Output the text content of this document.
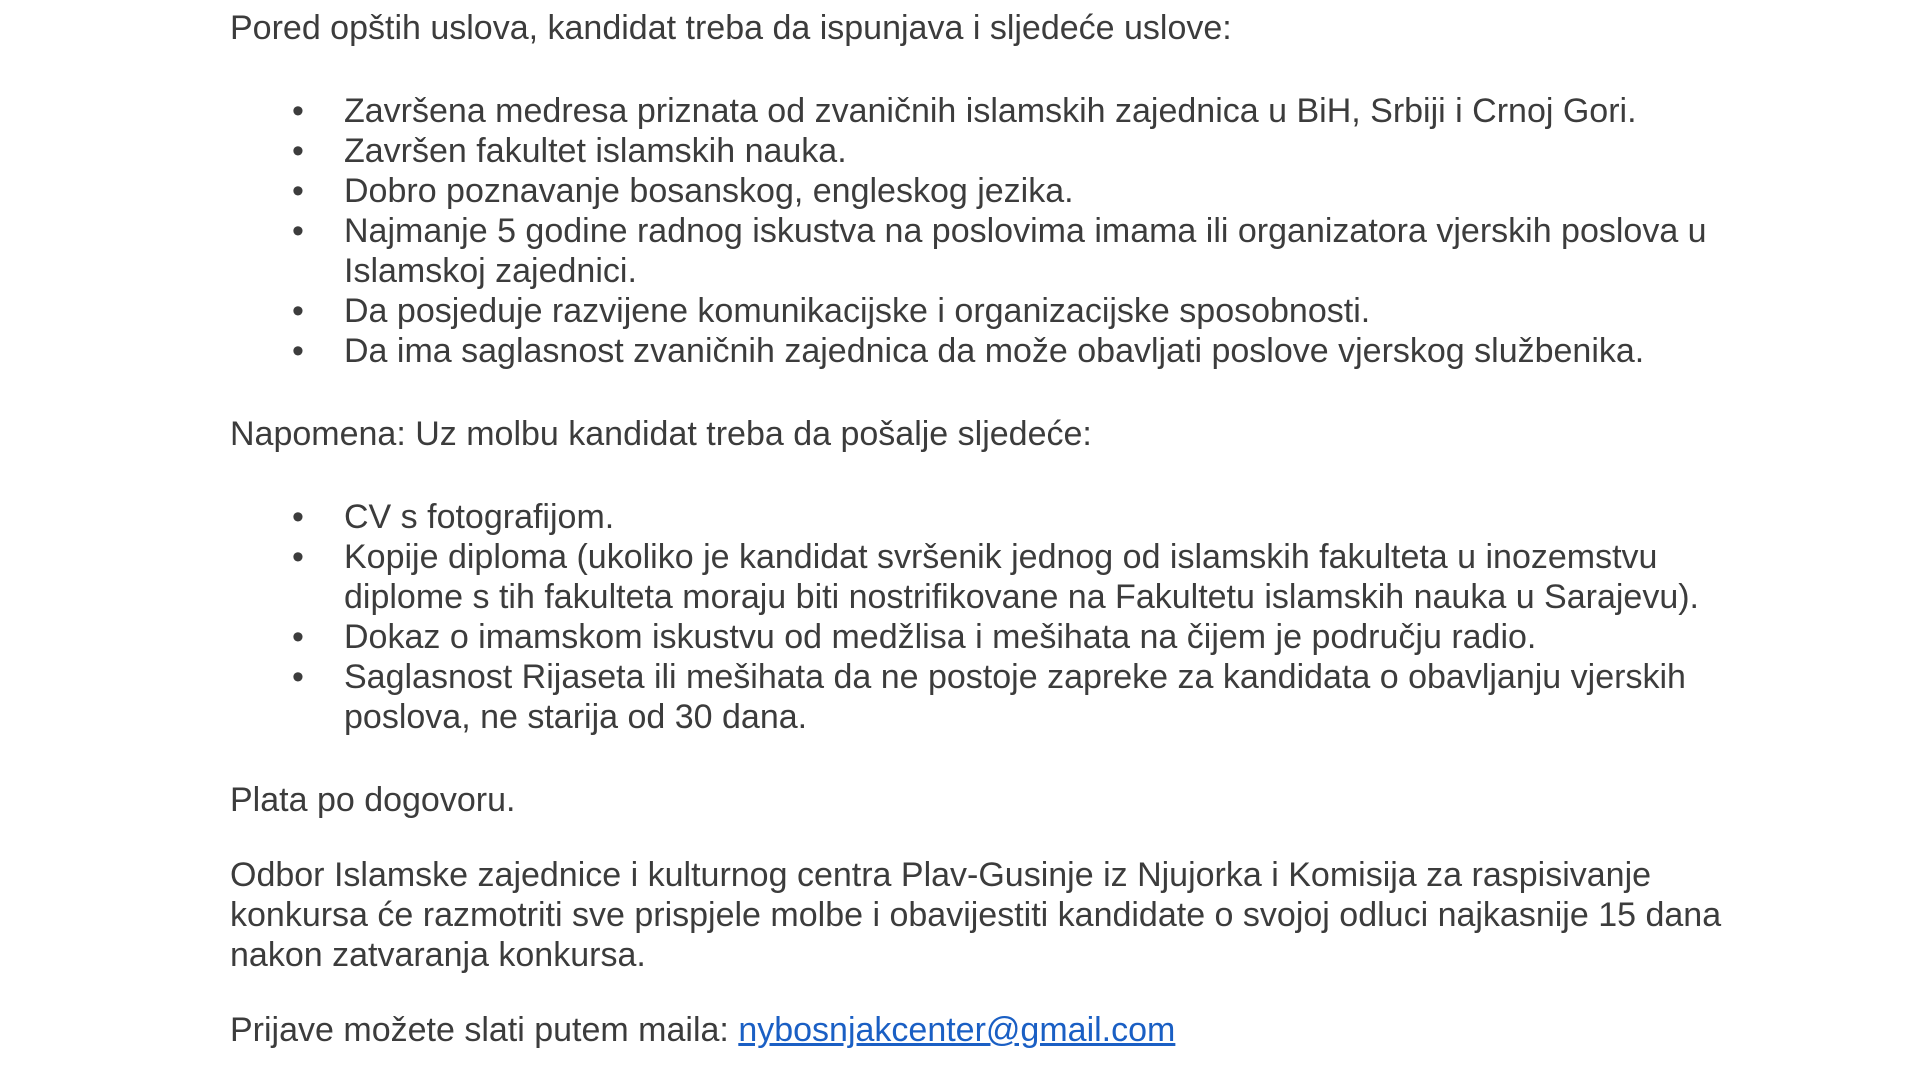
Pored opštih uslova, kandidat treba da ispunjava i sljedeće uslove:

• Završena medresa priznata od zvaničnih islamskih zajednica u BiH, Srbiji i Crnoj Gori.
• Završen fakultet islamskih nauka.
• Dobro poznavanje bosanskog, engleskog jezika.
• Najmanje 5 godine radnog iskustva na poslovima imama ili organizatora vjerskih poslova u Islamskoj zajednici.
• Da posjeduje razvijene komunikacijske i organizacijske sposobnosti.
• Da ima saglasnost zvaničnih zajednica da može obavljati poslove vjerskog službenika.

Napomena: Uz molbu kandidat treba da pošalje sljedeće:

• CV s fotografijom.
• Kopije diploma (ukoliko je kandidat svršenik jednog od islamskih fakulteta u inozemstvu diplome s tih fakulteta moraju biti nostrifikovane na Fakultetu islamskih nauka u Sarajevu).
• Dokaz o imamskom iskustvu od medžlisa i mešihata na čijem je području radio.
• Saglasnost Rijaseta ili mešihata da ne postoje zapreke za kandidata o obavljanju vjerskih poslova, ne starija od 30 dana.

Plata po dogovoru.

Odbor Islamske zajednice i kulturnog centra Plav-Gusinje iz Njujorka i Komisija za raspisivanje konkursa će razmotriti sve prispjele molbe i obavijestiti kandidate o svojoj odluci najkasnije 15 dana nakon zatvaranja konkursa.

Prijave možete slati putem maila: nybosnjakcenter@gmail.com
